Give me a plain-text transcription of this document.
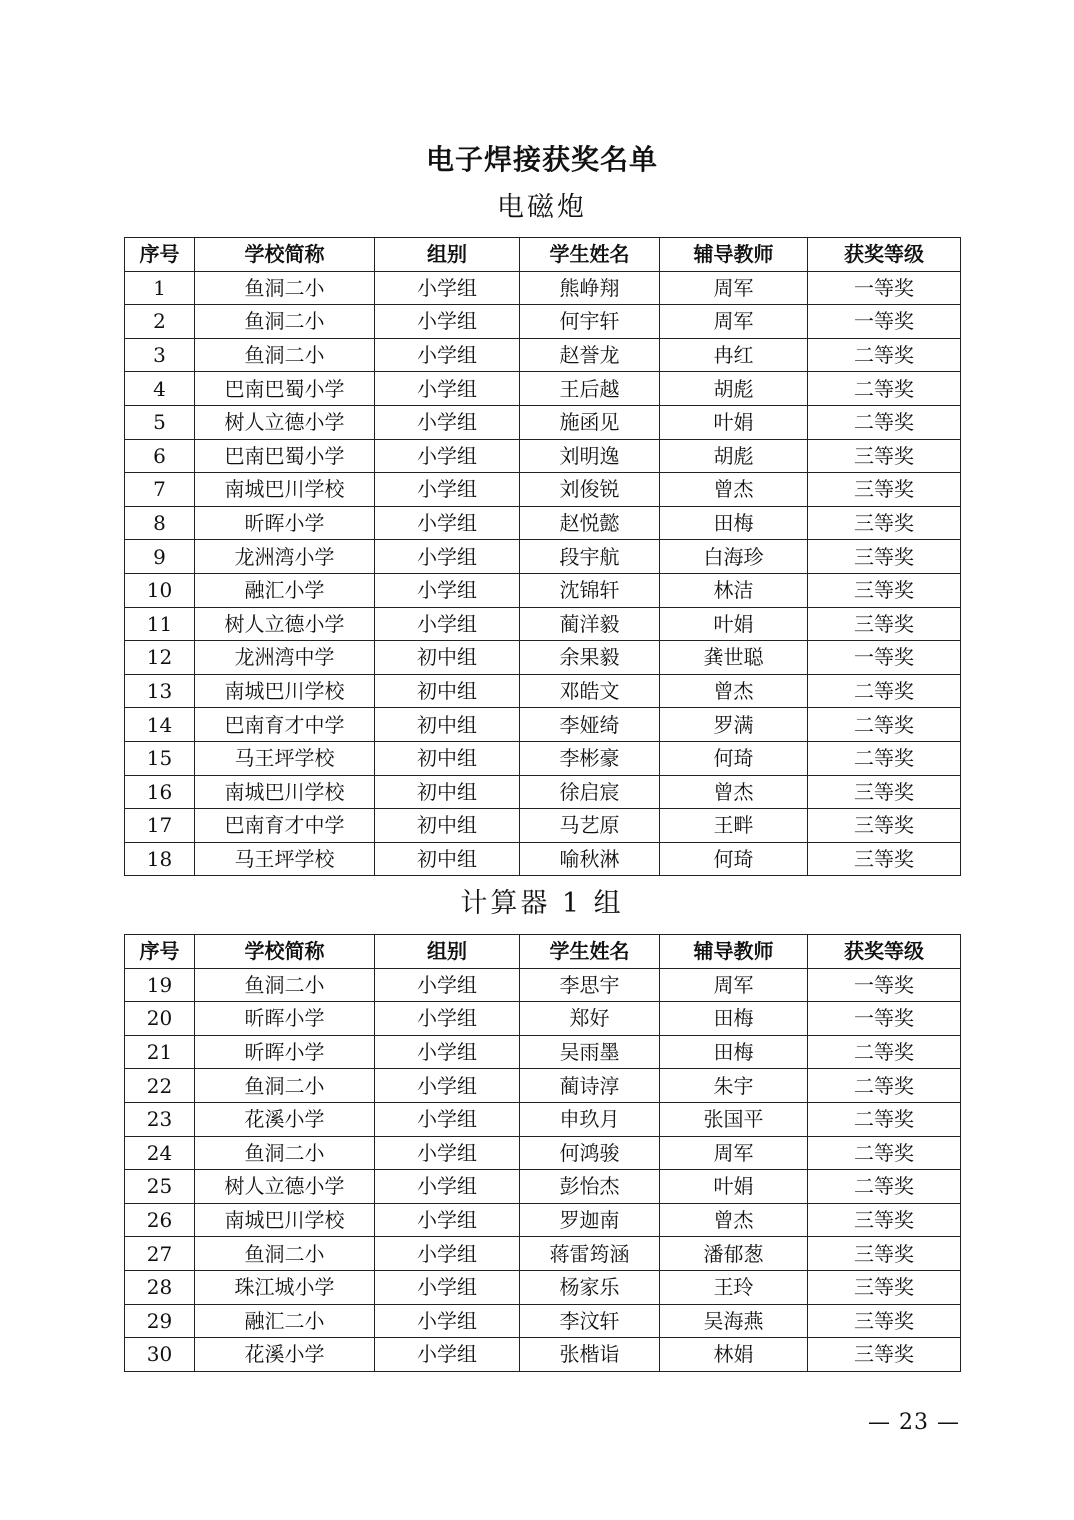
电子焊接获奖名单
电磁炮
序号	学校简称	组别	学生姓名	辅导教师	获奖等级
1	鱼洞二小	小学组	熊峥翔	周军	一等奖
2	鱼洞二小	小学组	何宇轩	周军	一等奖
3	鱼洞二小	小学组	赵誉龙	冉红	二等奖
4	巴南巴蜀小学	小学组	王后越	胡彪	二等奖
5	树人立德小学	小学组	施函见	叶娟	二等奖
6	巴南巴蜀小学	小学组	刘明逸	胡彪	三等奖
7	南城巴川学校	小学组	刘俊锐	曾杰	三等奖
8	昕晖小学	小学组	赵悦懿	田梅	三等奖
9	龙洲湾小学	小学组	段宇航	白海珍	三等奖
10	融汇小学	小学组	沈锦轩	林洁	三等奖
11	树人立德小学	小学组	蔺洋毅	叶娟	三等奖
12	龙洲湾中学	初中组	余果毅	龚世聪	一等奖
13	南城巴川学校	初中组	邓皓文	曾杰	二等奖
14	巴南育才中学	初中组	李娅绮	罗满	二等奖
15	马王坪学校	初中组	李彬豪	何琦	二等奖
16	南城巴川学校	初中组	徐启宸	曾杰	三等奖
17	巴南育才中学	初中组	马艺原	王畔	三等奖
18	马王坪学校	初中组	喻秋淋	何琦	三等奖
计算器 1 组
序号	学校简称	组别	学生姓名	辅导教师	获奖等级
19	鱼洞二小	小学组	李思宇	周军	一等奖
20	昕晖小学	小学组	郑好	田梅	一等奖
21	昕晖小学	小学组	吴雨墨	田梅	二等奖
22	鱼洞二小	小学组	蔺诗淳	朱宇	二等奖
23	花溪小学	小学组	申玖月	张国平	二等奖
24	鱼洞二小	小学组	何鸿骏	周军	二等奖
25	树人立德小学	小学组	彭怡杰	叶娟	二等奖
26	南城巴川学校	小学组	罗迦南	曾杰	三等奖
27	鱼洞二小	小学组	蒋雷筠涵	潘郁葱	三等奖
28	珠江城小学	小学组	杨家乐	王玲	三等奖
29	融汇二小	小学组	李汶轩	吴海燕	三等奖
30	花溪小学	小学组	张楷诣	林娟	三等奖
— 23 —
